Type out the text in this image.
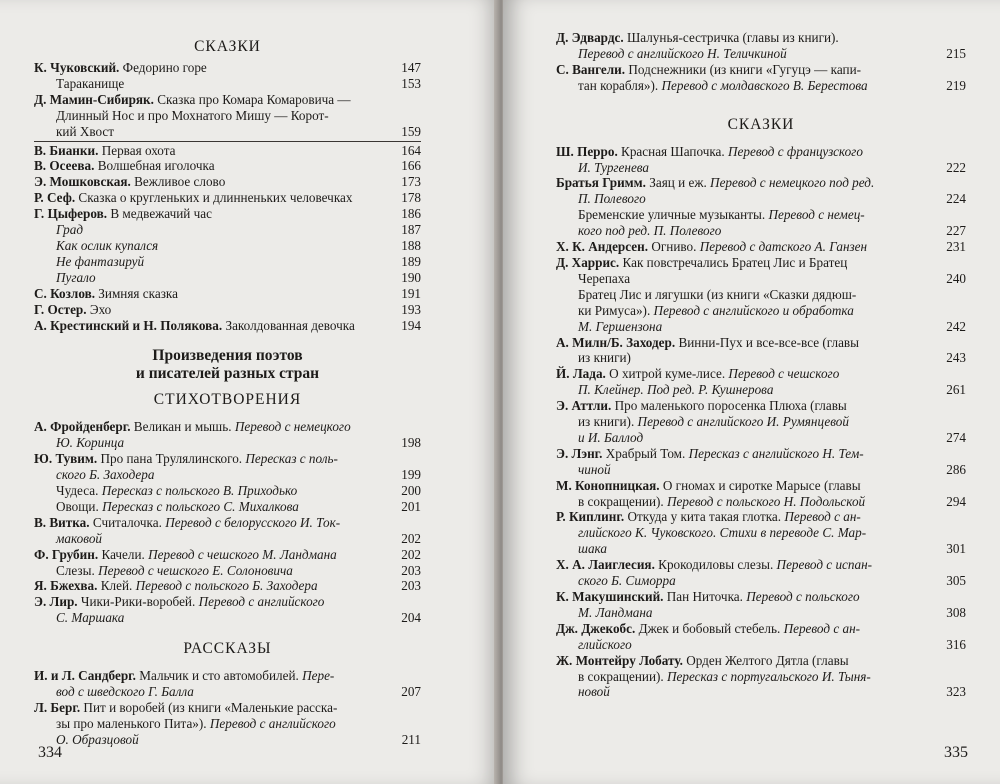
СКАЗКИ
К. Чуковский. Федорино горе	147
Тараканище	153
Д. Мамин-Сибиряк. Сказка про Комара Комаровича —
Длинный Нос и про Мохнатого Мишу — Корот-
кий Хвост	159
В. Бианки. Первая охота	164
В. Осеева. Волшебная иголочка	166
Э. Мошковская. Вежливое слово	173
Р. Сеф. Сказка о кругленьких и длинненьких человечках	178
Г. Цыферов. В медвежачий час	186
Град	187
Как ослик купался	188
Не фантазируй	189
Пугало	190
С. Козлов. Зимняя сказка	191
Г. Остер. Эхо	193
А. Крестинский и Н. Полякова. Заколдованная девочка	194
Произведения поэтов
и писателей разных стран
СТИХОТВОРЕНИЯ
А. Фройденберг. Великан и мышь. Перевод с немецкого
Ю. Коринца	198
Ю. Тувим. Про пана Трулялинского. Пересказ с поль-
ского Б. Заходера	199
Чудеса. Пересказ с польского В. Приходько	200
Овощи. Пересказ с польского С. Михалкова	201
В. Витка. Считалочка. Перевод с белорусского И. Ток-
маковой	202
Ф. Грубин. Качели. Перевод с чешского М. Ландмана	202
Слезы. Перевод с чешского Е. Солоновича	203
Я. Бжехва. Клей. Перевод с польского Б. Заходера	203
Э. Лир. Чики-Рики-воробей. Перевод с английского
С. Маршака	204
РАССКАЗЫ
И. и Л. Сандберг. Мальчик и сто автомобилей. Пере-
вод с шведского Г. Балла	207
Л. Берг. Пит и воробей (из книги «Маленькие расска-
зы про маленького Пита»). Перевод с английского
О. Образцовой	211
334
Д. Эдвардс. Шалунья-сестричка (главы из книги).
Перевод с английского Н. Теличкиной	215
С. Вангели. Подснежники (из книги «Гугуцэ — капи-
тан корабля»). Перевод с молдавского В. Берестова	219
СКАЗКИ
Ш. Перро. Красная Шапочка. Перевод с французского
И. Тургенева	222
Братья Гримм. Заяц и еж. Перевод с немецкого под ред.
П. Полевого	224
Бременские уличные музыканты. Перевод с немец-
кого под ред. П. Полевого	227
Х. К. Андерсен. Огниво. Перевод с датского А. Ганзен	231
Д. Харрис. Как повстречались Братец Лис и Братец
Черепаха	240
Братец Лис и лягушки (из книги «Сказки дядюш-
ки Римуса»). Перевод с английского и обработка
М. Гершензона	242
А. Милн/Б. Заходер. Винни-Пух и все-все-все (главы
из книги)	243
Й. Лада. О хитрой куме-лисе. Перевод с чешского
П. Клейнер. Под ред. Р. Кушнерова	261
Э. Аттли. Про маленького поросенка Плюха (главы
из книги). Перевод с английского И. Румянцевой
и И. Баллод	274
Э. Лэнг. Храбрый Том. Пересказ с английского Н. Тем-
чиной	286
М. Конопницкая. О гномах и сиротке Марысе (главы
в сокращении). Перевод с польского Н. Подольской	294
Р. Киплинг. Откуда у кита такая глотка. Перевод с ан-
глийского К. Чуковского. Стихи в переводе С. Мар-
шака	301
Х. А. Лаиглесия. Крокодиловы слезы. Перевод с испан-
ского Б. Симорра	305
К. Макушинский. Пан Ниточка. Перевод с польского
М. Ландмана	308
Дж. Джекобс. Джек и бобовый стебель. Перевод с ан-
глийского	316
Ж. Монтейру Лобату. Орден Желтого Дятла (главы
в сокращении). Пересказ с португальского И. Тыня-
новой	323
335
